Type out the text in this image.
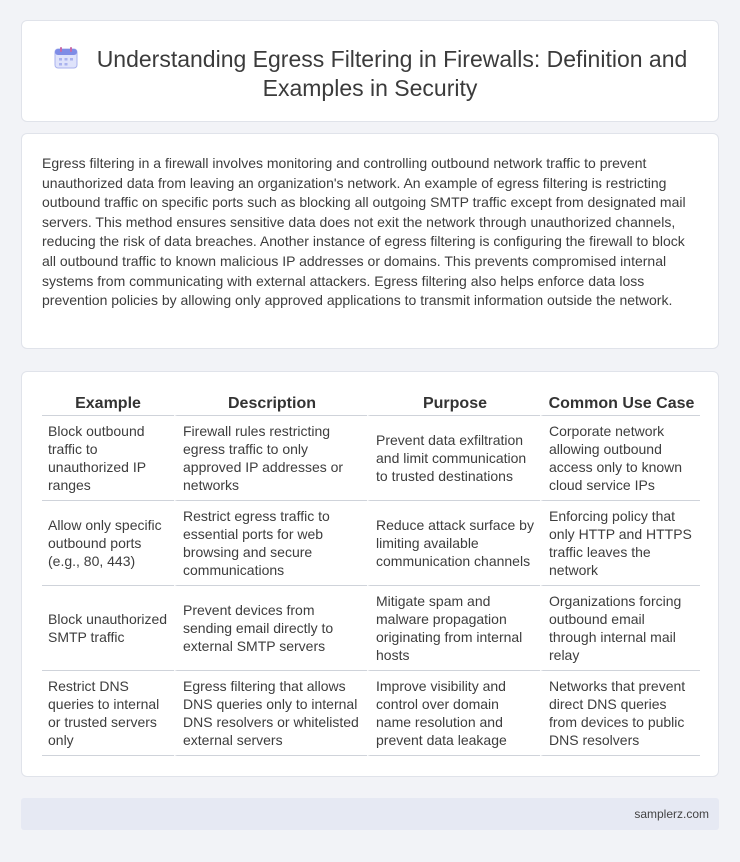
Understanding Egress Filtering in Firewalls: Definition and Examples in Security

Egress filtering in a firewall involves monitoring and controlling outbound network traffic to prevent unauthorized data from leaving an organization's network. An example of egress filtering is restricting outbound traffic on specific ports such as blocking all outgoing SMTP traffic except from designated mail servers. This method ensures sensitive data does not exit the network through unauthorized channels, reducing the risk of data breaches. Another instance of egress filtering is configuring the firewall to block all outbound traffic to known malicious IP addresses or domains. This prevents compromised internal systems from communicating with external attackers. Egress filtering also helps enforce data loss prevention policies by allowing only approved applications to transmit information outside the network.

Example	Description	Purpose	Common Use Case
Block outbound traffic to unauthorized IP ranges	Firewall rules restricting egress traffic to only approved IP addresses or networks	Prevent data exfiltration and limit communication to trusted destinations	Corporate network allowing outbound access only to known cloud service IPs
Allow only specific outbound ports (e.g., 80, 443)	Restrict egress traffic to essential ports for web browsing and secure communications	Reduce attack surface by limiting available communication channels	Enforcing policy that only HTTP and HTTPS traffic leaves the network
Block unauthorized SMTP traffic	Prevent devices from sending email directly to external SMTP servers	Mitigate spam and malware propagation originating from internal hosts	Organizations forcing outbound email through internal mail relay
Restrict DNS queries to internal or trusted servers only	Egress filtering that allows DNS queries only to internal DNS resolvers or whitelisted external servers	Improve visibility and control over domain name resolution and prevent data leakage	Networks that prevent direct DNS queries from devices to public DNS resolvers
samplerz.com
